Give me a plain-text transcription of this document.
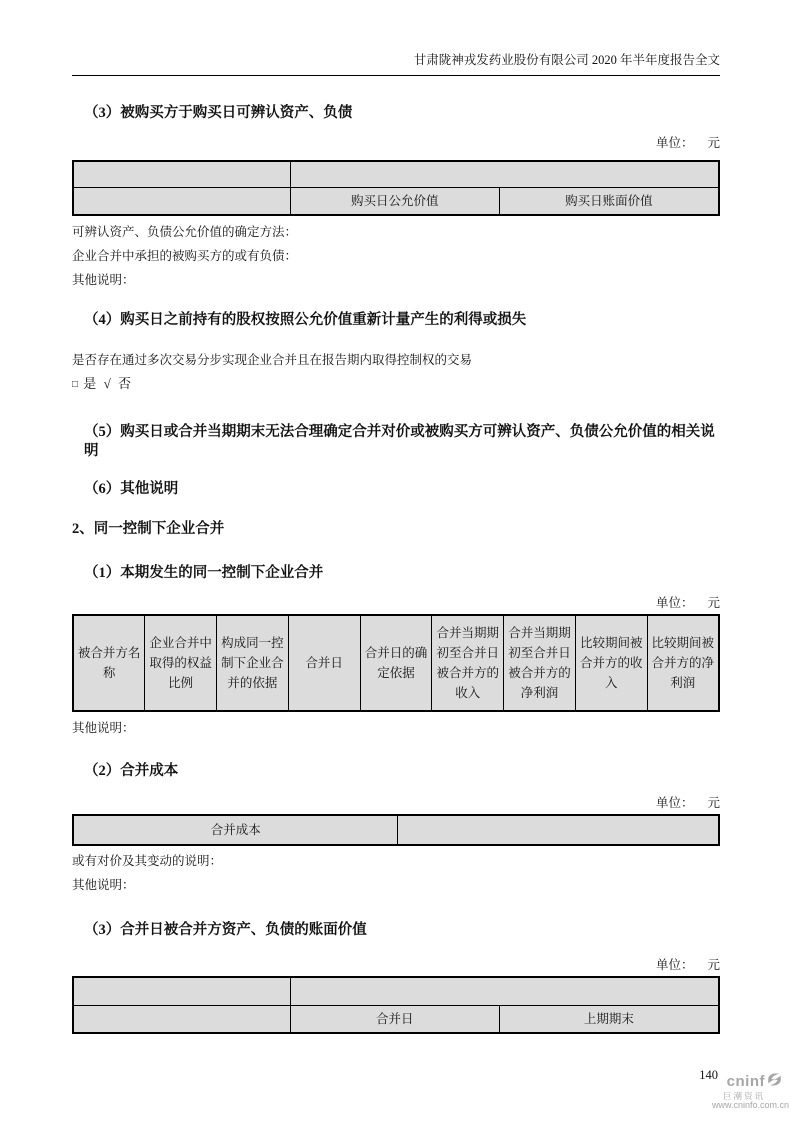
甘肃陇神戎发药业股份有限公司 2020 年半年度报告全文
（3）被购买方于购买日可辨认资产、负债
单位： 元

	购买日公允价值	购买日账面价值
可辨认资产、负债公允价值的确定方法：
企业合并中承担的被购买方的或有负债：
其他说明：
（4）购买日之前持有的股权按照公允价值重新计量产生的利得或损失
是否存在通过多次交易分步实现企业合并且在报告期内取得控制权的交易
□ 是 √ 否
（5）购买日或合并当期期末无法合理确定合并对价或被购买方可辨认资产、负债公允价值的相关说明
（6）其他说明
2、同一控制下企业合并
（1）本期发生的同一控制下企业合并
单位： 元
被合并方名称	企业合并中取得的权益比例	构成同一控制下企业合并的依据	合并日	合并日的确定依据	合并当期期初至合并日被合并方的收入	合并当期期初至合并日被合并方的净利润	比较期间被合并方的收入	比较期间被合并方的净利润
其他说明：
（2）合并成本
单位： 元
合并成本	
或有对价及其变动的说明：
其他说明：
（3）合并日被合并方资产、负债的账面价值
单位： 元

	合并日	上期期末
140 cninf
巨潮资讯
www.cninfo.com.cn
